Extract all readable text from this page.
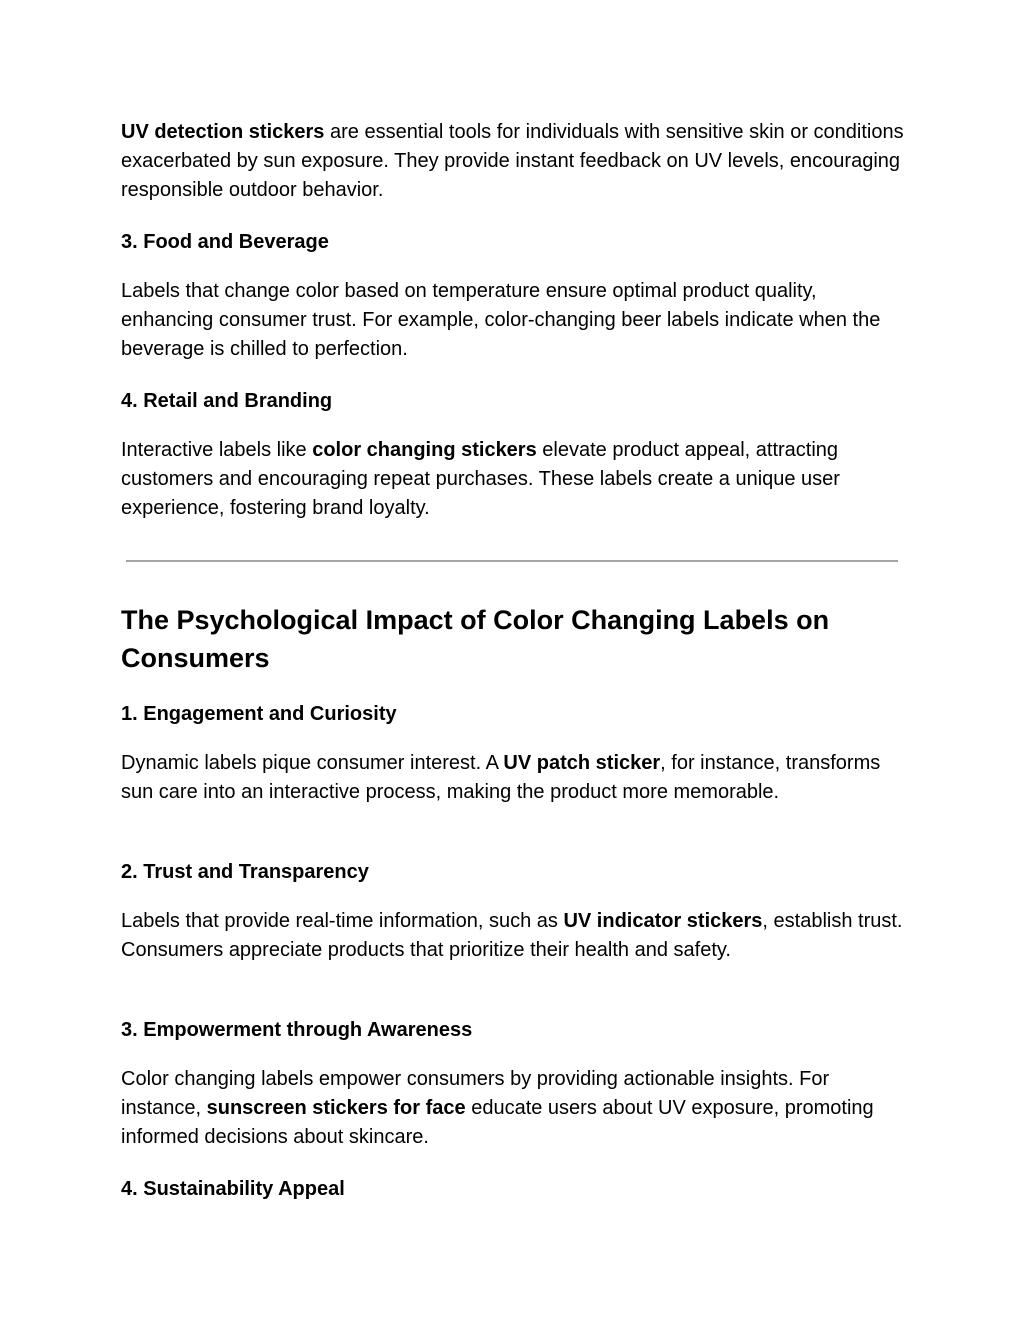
UV detection stickers are essential tools for individuals with sensitive skin or conditions exacerbated by sun exposure. They provide instant feedback on UV levels, encouraging responsible outdoor behavior.

3. Food and Beverage

Labels that change color based on temperature ensure optimal product quality, enhancing consumer trust. For example, color-changing beer labels indicate when the beverage is chilled to perfection.

4. Retail and Branding

Interactive labels like color changing stickers elevate product appeal, attracting customers and encouraging repeat purchases. These labels create a unique user experience, fostering brand loyalty.

The Psychological Impact of Color Changing Labels on Consumers
1. Engagement and Curiosity

Dynamic labels pique consumer interest. A UV patch sticker, for instance, transforms sun care into an interactive process, making the product more memorable.

2. Trust and Transparency

Labels that provide real-time information, such as UV indicator stickers, establish trust. Consumers appreciate products that prioritize their health and safety.

3. Empowerment through Awareness

Color changing labels empower consumers by providing actionable insights. For instance, sunscreen stickers for face educate users about UV exposure, promoting informed decisions about skincare.

4. Sustainability Appeal
